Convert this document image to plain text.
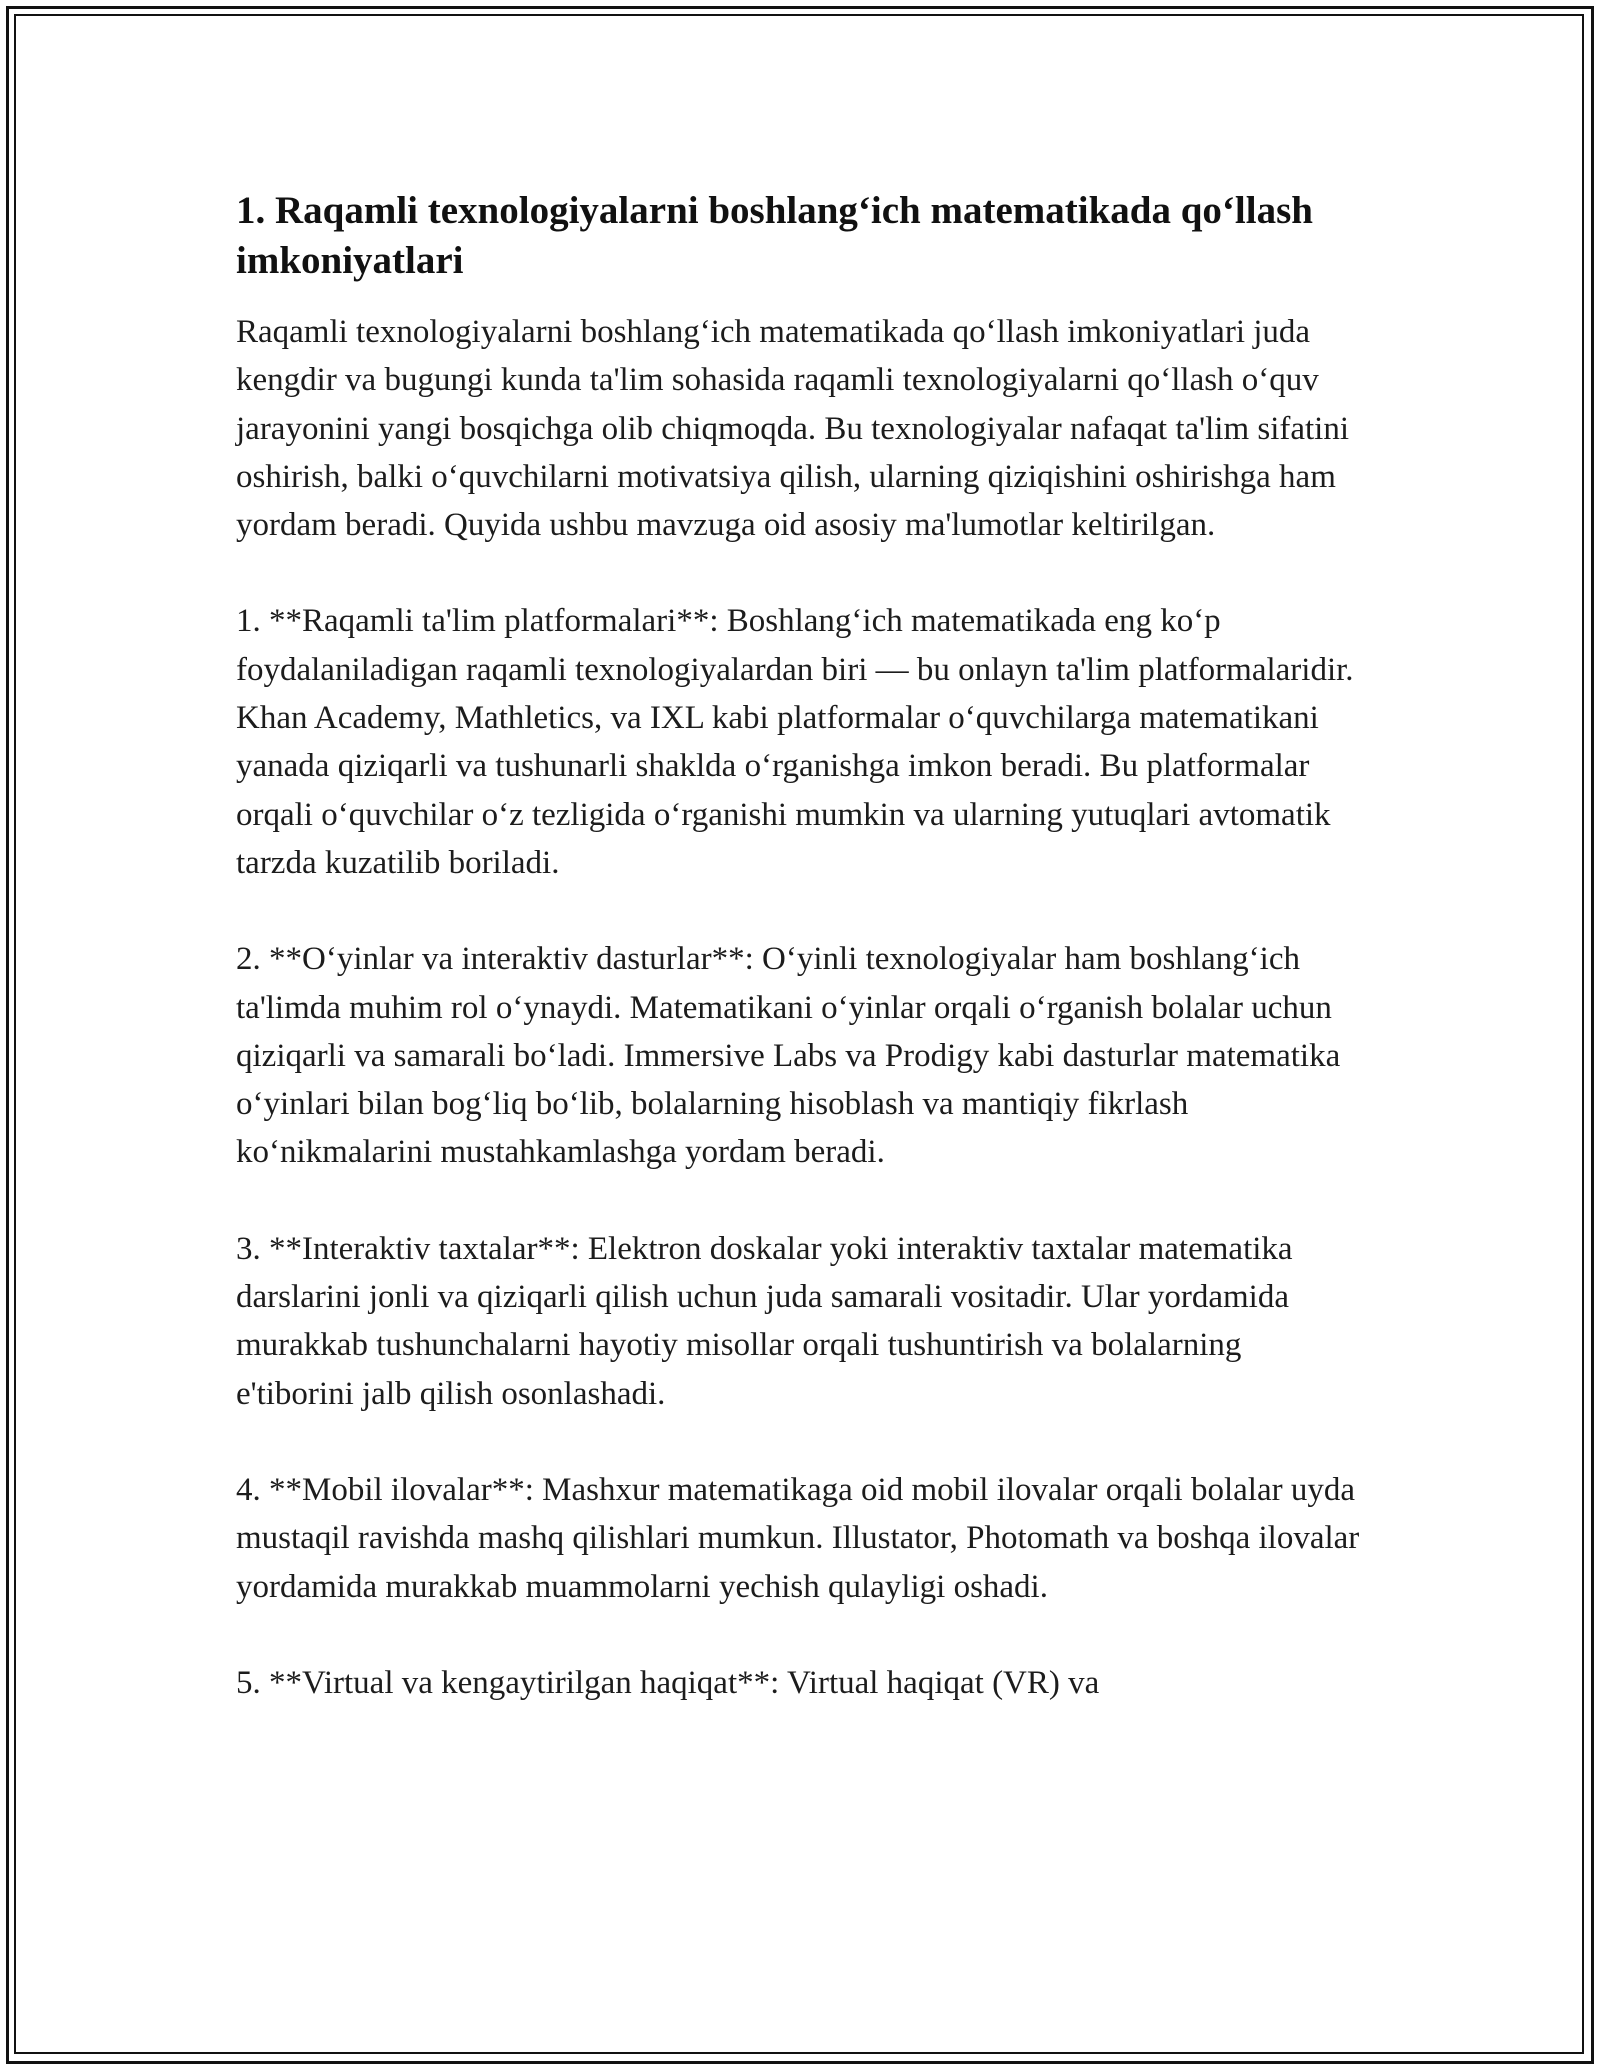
1. Raqamli texnologiyalarni boshlang‘ich matematikada qo‘llash imkoniyatlari

Raqamli texnologiyalarni boshlang‘ich matematikada qo‘llash imkoniyatlari juda kengdir va bugungi kunda ta'lim sohasida raqamli texnologiyalarni qo‘llash o‘quv jarayonini yangi bosqichga olib chiqmoqda. Bu texnologiyalar nafaqat ta'lim sifatini oshirish, balki o‘quvchilarni motivatsiya qilish, ularning qiziqishini oshirishga ham yordam beradi. Quyida ushbu mavzuga oid asosiy ma'lumotlar keltirilgan.

1. **Raqamli ta'lim platformalari**: Boshlang‘ich matematikada eng ko‘p foydalaniladigan raqamli texnologiyalardan biri — bu onlayn ta'lim platformalaridir. Khan Academy, Mathletics, va IXL kabi platformalar o‘quvchilarga matematikani yanada qiziqarli va tushunarli shaklda o‘rganishga imkon beradi. Bu platformalar orqali o‘quvchilar o‘z tezligida o‘rganishi mumkin va ularning yutuqlari avtomatik tarzda kuzatilib boriladi.

2. **O‘yinlar va interaktiv dasturlar**: O‘yinli texnologiyalar ham boshlang‘ich ta'limda muhim rol o‘ynaydi. Matematikani o‘yinlar orqali o‘rganish bolalar uchun qiziqarli va samarali bo‘ladi. Immersive Labs va Prodigy kabi dasturlar matematika o‘yinlari bilan bog‘liq bo‘lib, bolalarning hisoblash va mantiqiy fikrlash ko‘nikmalarini mustahkamlashga yordam beradi.

3. **Interaktiv taxtalar**: Elektron doskalar yoki interaktiv taxtalar matematika darslarini jonli va qiziqarli qilish uchun juda samarali vositadir. Ular yordamida murakkab tushunchalarni hayotiy misollar orqali tushuntirish va bolalarning e'tiborini jalb qilish osonlashadi.

4. **Mobil ilovalar**: Mashxur matematikaga oid mobil ilovalar orqali bolalar uyda mustaqil ravishda mashq qilishlari mumkun. Illustator, Photomath va boshqa ilovalar yordamida murakkab muammolarni yechish qulayligi oshadi.

5. **Virtual va kengaytirilgan haqiqat**: Virtual haqiqat (VR) va
